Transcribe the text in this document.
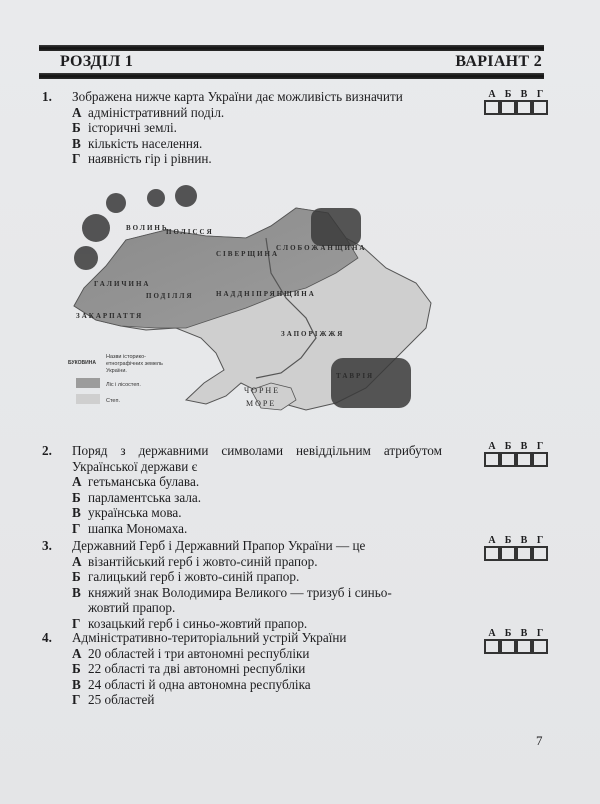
РОЗДІЛ 1	ВАРІАНТ 2
1. Зображена нижче карта України дає можливість визначити
А адміністративний поділ.
Б історичні землі.
В кількість населення.
Г наявність гір і рівнин.
А Б В Г
ВОЛИНЬ
ПОЛІССЯ
СІВЕРЩИНА
СЛОБОЖАНЩИНА
ГАЛИЧИНА
ПОДІЛЛЯ	НАДДНІПРЯНЩИНА
ЗАКАРПАТТЯ
ЗАПОРІЖЖЯ
ТАВРІЯ
ЧОРНЕ
МОРЕ
БУКОВИНА
Назви історико-
етнографічних земель
України.
Ліс і лісостеп.
Степ.
2. Поряд з державними символами невіддільним атрибутом Української держави є
А гетьманська булава.
Б парламентська зала.
В українська мова.
Г шапка Мономаха.
А Б В Г
3. Державний Герб і Державний Прапор України — це
А візантійський герб і жовто-синій прапор.
Б галицький герб і жовто-синій прапор.
В княжий знак Володимира Великого — тризуб і синьо-жовтий прапор.
Г козацький герб і синьо-жовтий прапор.
А Б В Г
4. Адміністративно-територіальний устрій України
А 20 областей і три автономні республіки
Б 22 області та дві автономні республіки
В 24 області й одна автономна республіка
Г 25 областей
А Б В Г
7
